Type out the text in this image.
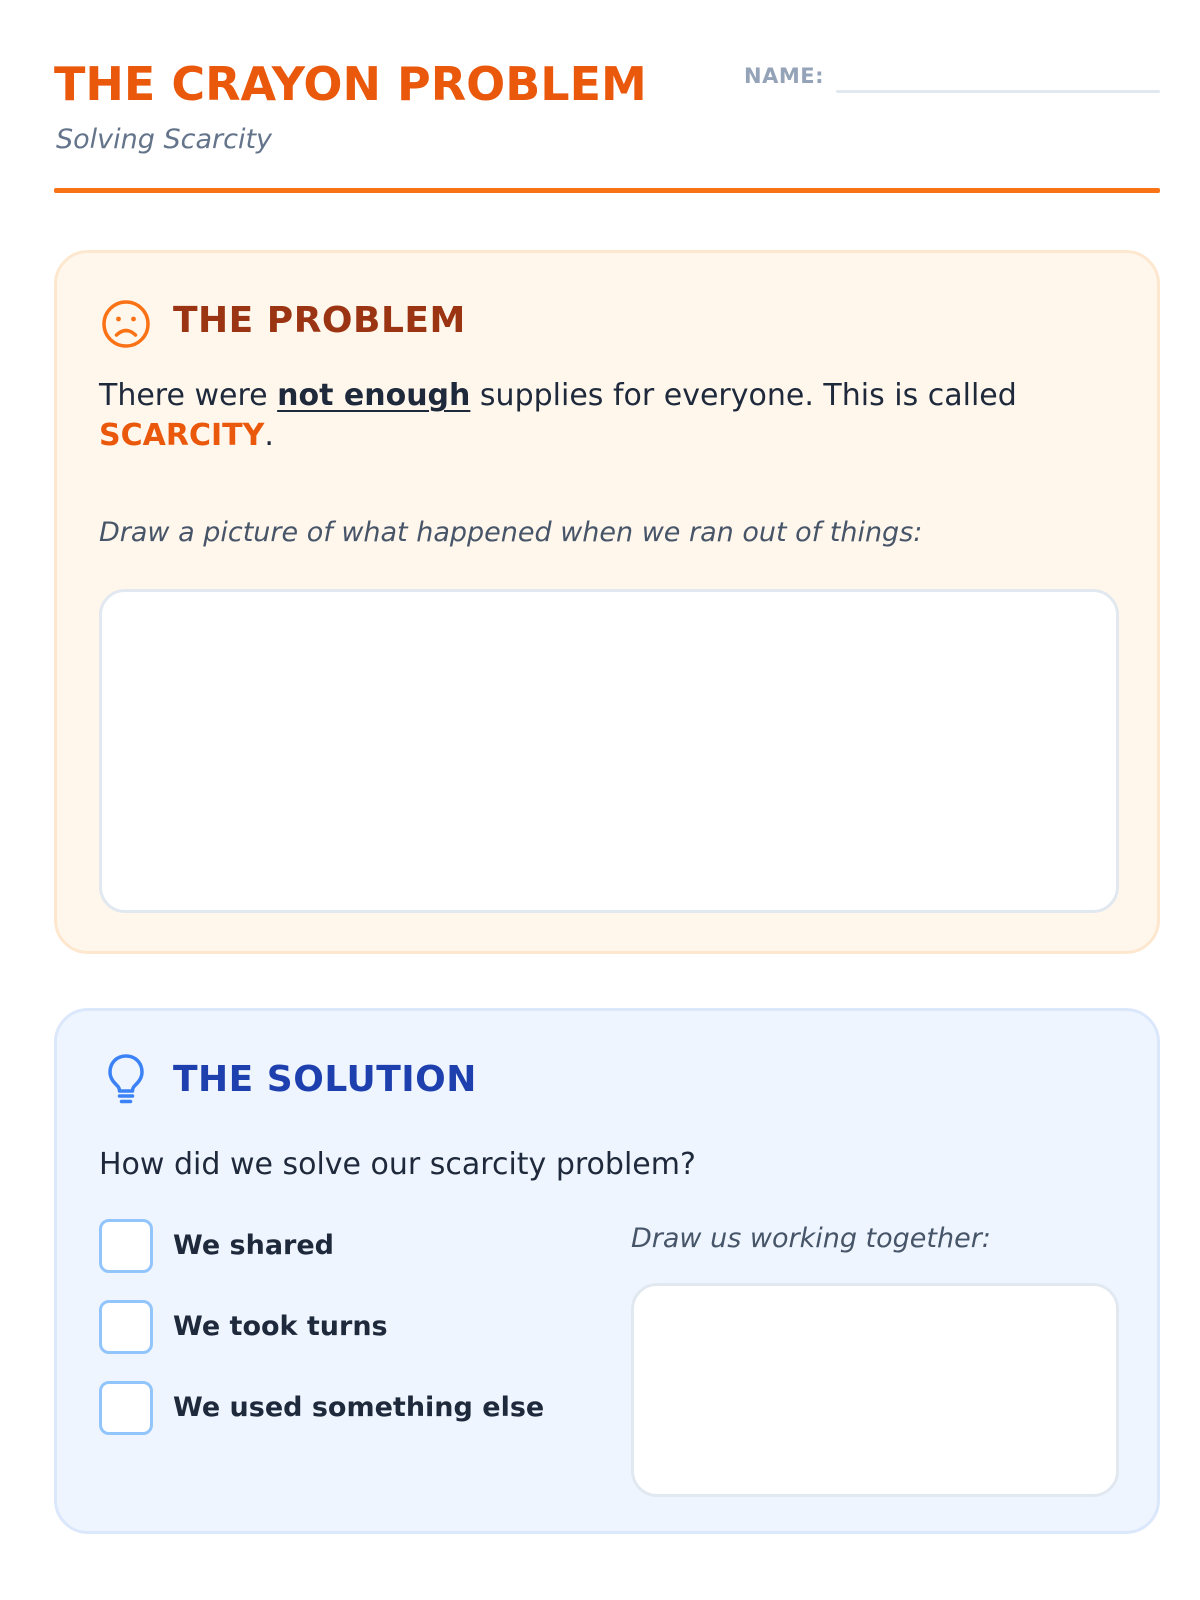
THE CRAYON PROBLEM
Solving Scarcity
NAME:
THE PROBLEM
There were not enough supplies for everyone. This is called
SCARCITY.
Draw a picture of what happened when we ran out of things:
THE SOLUTION
How did we solve our scarcity problem?
We shared
We took turns
We used something else
Draw us working together:
